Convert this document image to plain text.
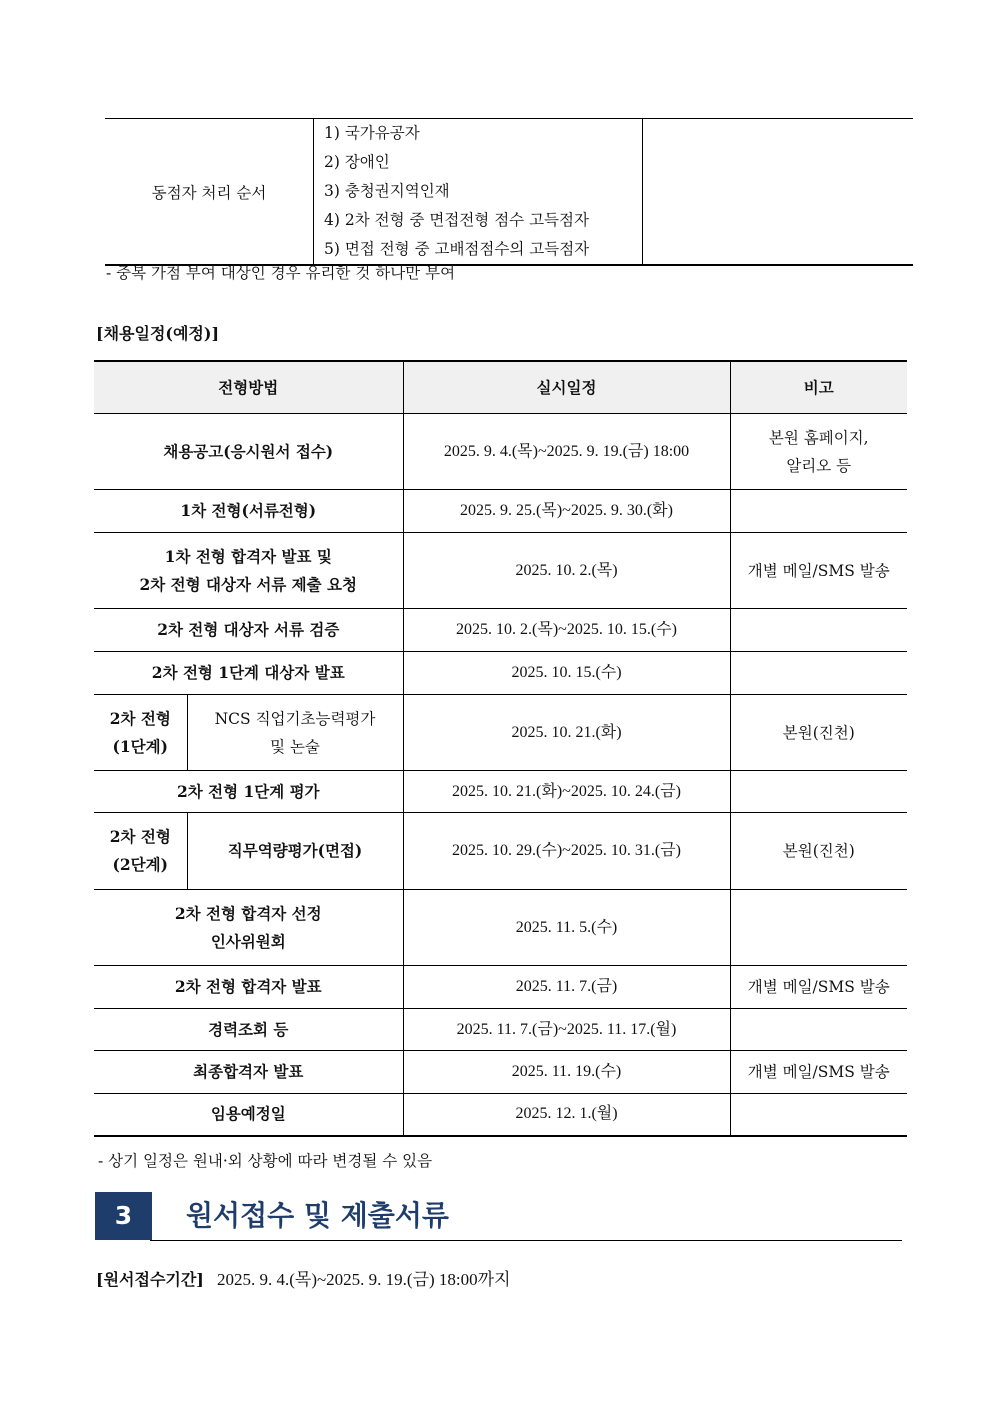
동점자 처리 순서	
1) 국가유공자
2) 장애인
3) 충청권지역인재
4) 2차 전형 중 면접전형 점수 고득점자
5) 면접 전형 중 고배점점수의 고득점자

- 중복 가점 부여 대상인 경우 유리한 것 하나만 부여
[채용일정(예정)]
전형방법		실시일정	비고
채용공고(응시원서 접수)		2025. 9. 4.(목)~2025. 9. 19.(금) 18:00	본원 홈페이지,
알리오 등
1차 전형(서류전형)		2025. 9. 25.(목)~2025. 9. 30.(화)	
1차 전형 합격자 발표 및
2차 전형 대상자 서류 제출 요청		2025. 10. 2.(목)	개별 메일/SMS 발송
2차 전형 대상자 서류 검증		2025. 10. 2.(목)~2025. 10. 15.(수)	
2차 전형 1단계 대상자 발표		2025. 10. 15.(수)	
2차 전형
(1단계)	NCS 직업기초능력평가
및 논술	2025. 10. 21.(화)	본원(진천)
2차 전형 1단계 평가		2025. 10. 21.(화)~2025. 10. 24.(금)	
2차 전형
(2단계)	직무역량평가(면접)	2025. 10. 29.(수)~2025. 10. 31.(금)	본원(진천)
2차 전형 합격자 선정
인사위원회		2025. 11. 5.(수)	
2차 전형 합격자 발표		2025. 11. 7.(금)	개별 메일/SMS 발송
경력조회 등		2025. 11. 7.(금)~2025. 11. 17.(월)	
최종합격자 발표		2025. 11. 19.(수)	개별 메일/SMS 발송
임용예정일		2025. 12. 1.(월)	
- 상기 일정은 원내·외 상황에 따라 변경될 수 있음
3	원서접수 및 제출서류
[원서접수기간] 2025. 9. 4.(목)~2025. 9. 19.(금) 18:00까지
